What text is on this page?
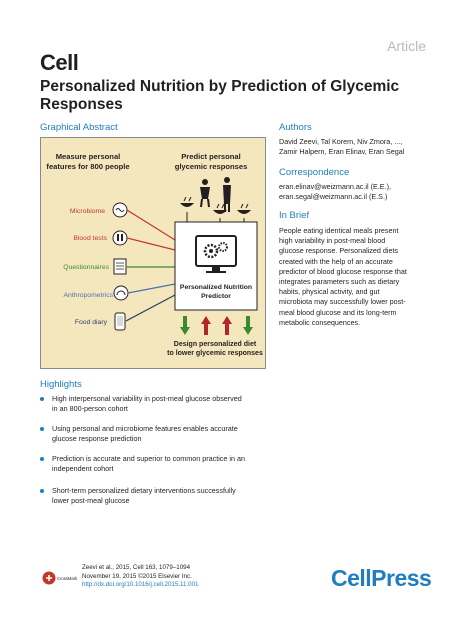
Cell
Article
Personalized Nutrition by Prediction of Glycemic Responses
Graphical Abstract
Measure personal
features for 800 people
Predict personal
glycemic responses
Microbiome
Blood tests
Questionnaires
Anthropometrics
Food diary
Personalized Nutrition
Predictor
Design personalized diet
to lower glycemic responses
Authors
David Zeevi, Tal Korem, Niv Zmora, ...,
Zamir Halpern, Eran Elinav, Eran Segal
Correspondence
eran.elinav@weizmann.ac.il (E.E.),
eran.segal@weizmann.ac.il (E.S.)
In Brief
People eating identical meals present
high variability in post-meal blood
glucose response. Personalized diets
created with the help of an accurate
predictor of blood glucose response that
integrates parameters such as dietary
habits, physical activity, and gut
microbiota may successfully lower post-
meal blood glucose and its long-term
metabolic consequences.
Highlights
High interpersonal variability in post-meal glucose observed
in an 800-person cohort
Using personal and microbiome features enables accurate
glucose response prediction
Prediction is accurate and superior to common practice in an
independent cohort
Short-term personalized dietary interventions successfully
lower post-meal glucose
CrossMark
Zeevi et al., 2015, Cell 163, 1079–1094
November 19, 2015 ©2015 Elsevier Inc.
http://dx.doi.org/10.1016/j.cell.2015.11.001	CellPress
